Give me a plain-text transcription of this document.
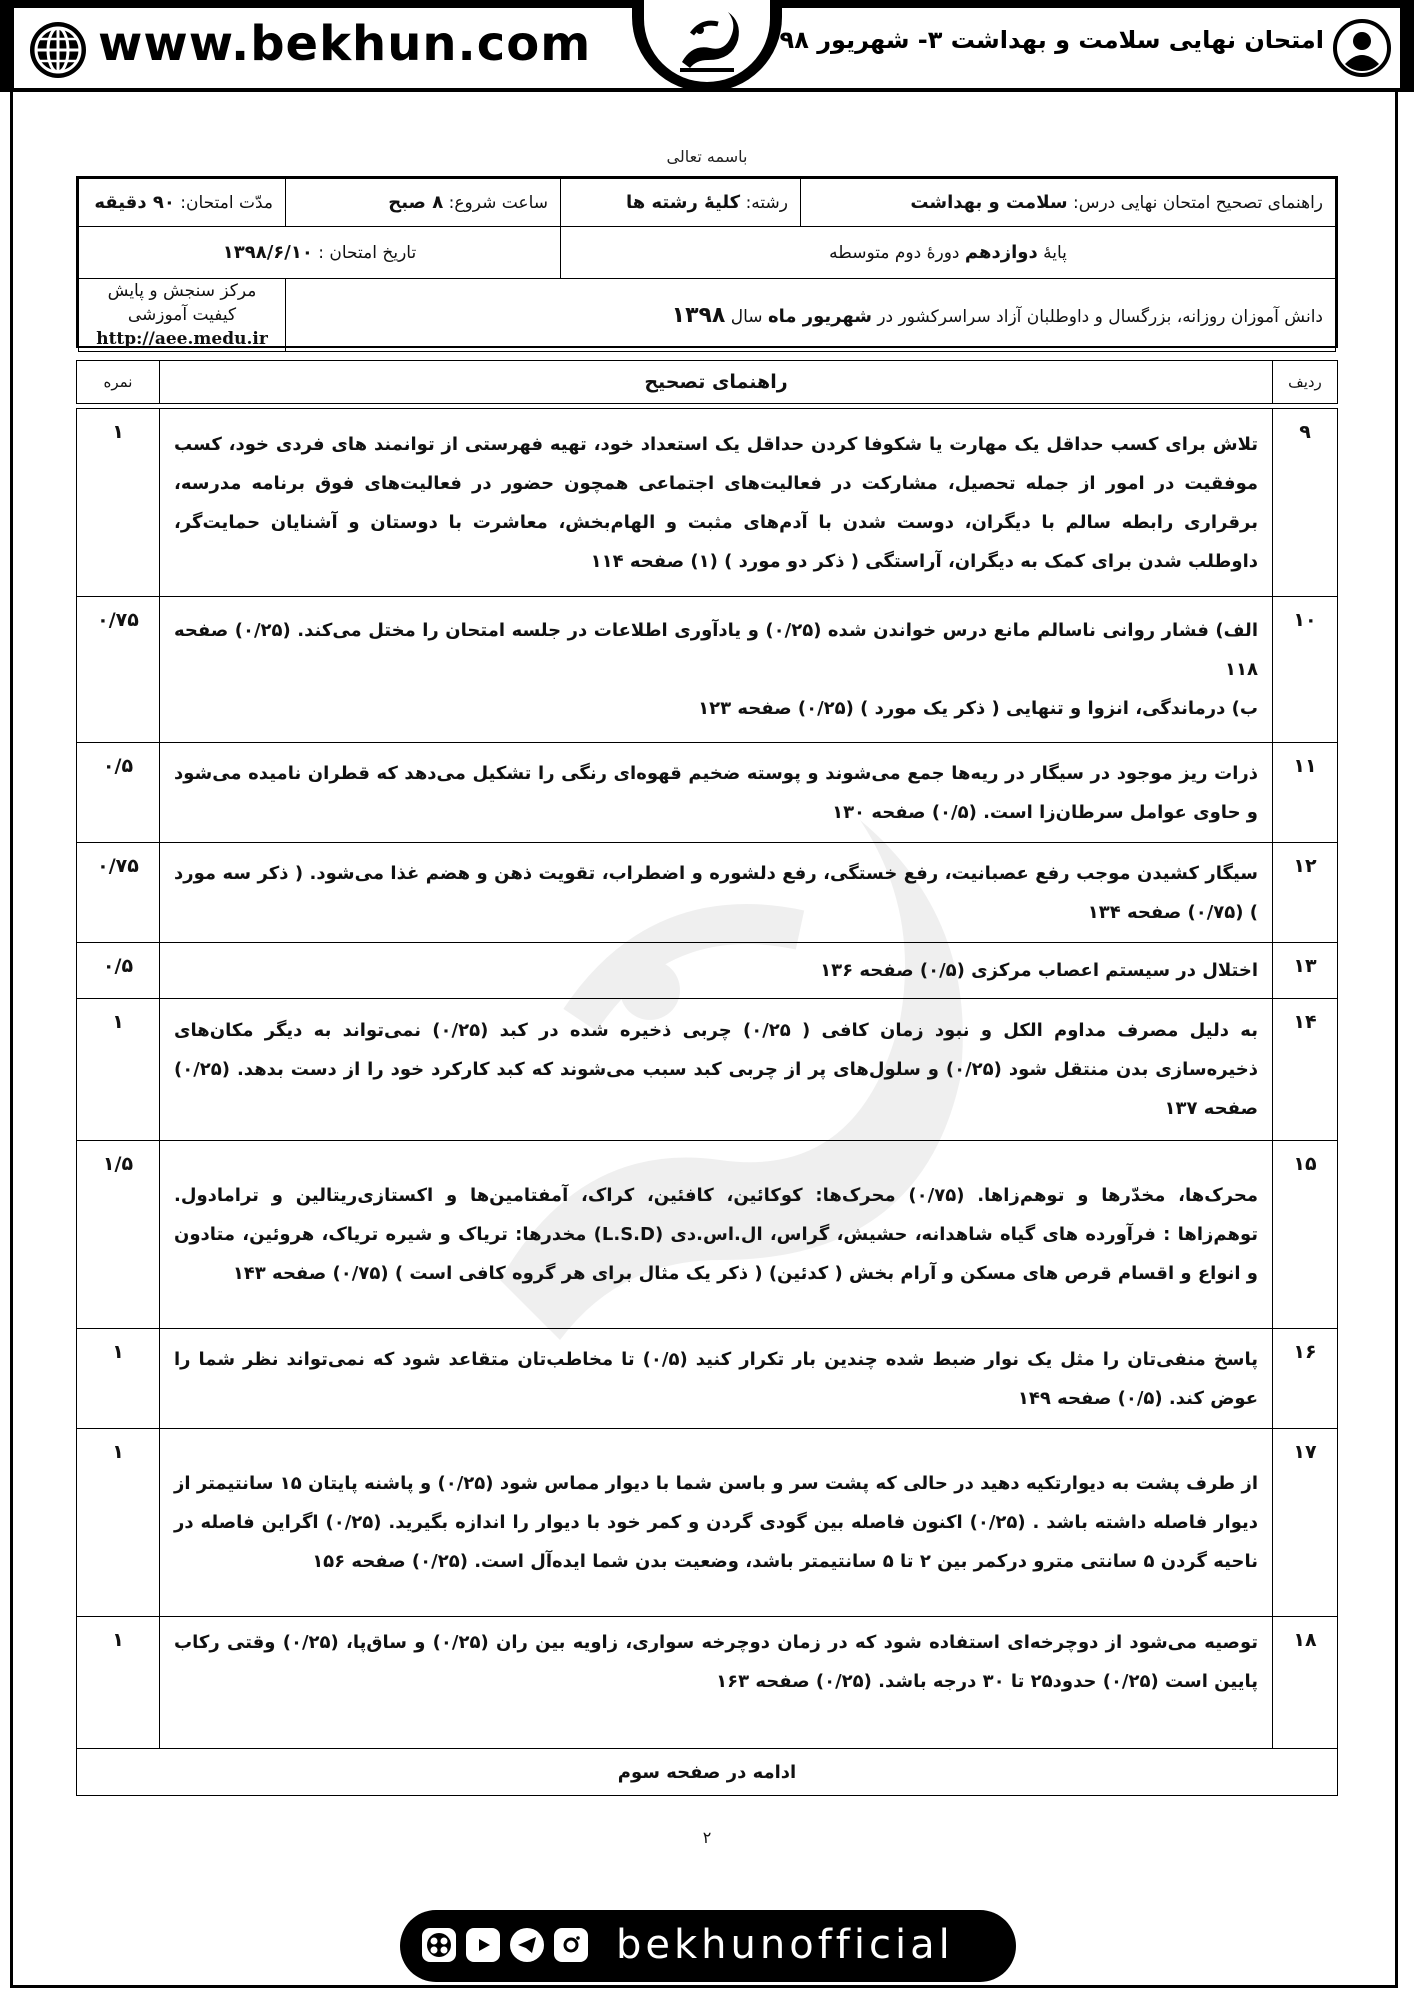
www.bekhun.com	امتحان نهایی سلامت و بهداشت ۳- شهریور ۹۸
باسمه تعالی
راهنمای تصحیح امتحان نهایی درس: سلامت و بهداشت	رشته: کلیهٔ رشته ها	ساعت شروع: ۸ صبح	مدّت امتحان: ۹۰ دقیقه
پایهٔ دوازدهم دورهٔ دوم متوسطه		تاریخ امتحان : ۱۳۹۸/۶/۱۰	
دانش آموزان روزانه، بزرگسال و داوطلبان آزاد سراسرکشور در شهریور ماه سال ۱۳۹۸			مرکز سنجش و پایش کیفیت آموزشی
http://aee.medu.ir
ردیف	راهنمای تصحیح	نمره
۹	تلاش برای کسب حداقل یک مهارت یا شکوفا کردن حداقل یک استعداد خود، تهیه فهرستی از توانمند های فردی خود، کسب موفقیت در امور از جمله تحصیل، مشارکت در فعالیت‌های اجتماعی همچون حضور در فعالیت‌های فوق برنامه مدرسه، برقراری رابطه سالم با دیگران، دوست شدن با آدم‌های مثبت و الهام‌بخش، معاشرت با دوستان و آشنایان حمایت‌گر، داوطلب شدن برای کمک به دیگران، آراستگی ( ذکر دو مورد ) (۱) صفحه ۱۱۴	۱
۱۰	الف) فشار روانی ناسالم مانع درس خواندن شده (۰/۲۵) و یادآوری اطلاعات در جلسه امتحان را مختل می‌کند. (۰/۲۵) صفحه ۱۱۸
ب) درماندگی، انزوا و تنهایی ( ذکر یک مورد ) (۰/۲۵) صفحه ۱۲۳	۰/۷۵
۱۱	ذرات ریز موجود در سیگار در ریه‌ها جمع می‌شوند و پوسته ضخیم قهوه‌ای رنگی را تشکیل می‌دهد که قطران نامیده می‌شود و حاوی عوامل سرطان‌زا است. (۰/۵) صفحه ۱۳۰	۰/۵
۱۲	سیگار کشیدن موجب رفع عصبانیت، رفع خستگی، رفع دلشوره و اضطراب، تقویت ذهن و هضم غذا می‌شود. ( ذکر سه مورد ) (۰/۷۵) صفحه ۱۳۴	۰/۷۵
۱۳	اختلال در سیستم اعصاب مرکزی (۰/۵) صفحه ۱۳۶	۰/۵
۱۴	به دلیل مصرف مداوم الکل و نبود زمان کافی ( ۰/۲۵) چربی ذخیره شده در کبد (۰/۲۵) نمی‌تواند به دیگر مکان‌های ذخیره‌سازی بدن منتقل شود (۰/۲۵) و سلول‌های پر از چربی کبد سبب می‌شوند که کبد کارکرد خود را از دست بدهد. (۰/۲۵) صفحه ۱۳۷	۱
۱۵	محرک‌ها، مخدّرها و توهم‌زاها. (۰/۷۵) محرک‌ها: کوکائین، کافئین، کراک، آمفتامین‌ها و اکستازی‌ریتالین و ترامادول. توهم‌زاها : فرآورده های گیاه شاهدانه، حشیش، گراس، ال.اس.دی (L.S.D) مخدرها: تریاک و شیره تریاک، هروئین، متادون و انواع و اقسام قرص های مسکن و آرام بخش ( کدئین) ( ذکر یک مثال برای هر گروه کافی است ) (۰/۷۵) صفحه ۱۴۳	۱/۵
۱۶	پاسخ منفی‌تان را مثل یک نوار ضبط شده چندین بار تکرار کنید (۰/۵) تا مخاطب‌تان متقاعد شود که نمی‌تواند نظر شما را عوض کند. (۰/۵) صفحه ۱۴۹	۱
۱۷	از طرف پشت به دیوارتکیه دهید در حالی که پشت سر و باسن شما با دیوار مماس شود (۰/۲۵) و پاشنه پایتان ۱۵ سانتیمتر از دیوار فاصله داشته باشد . (۰/۲۵) اکنون فاصله بین گودی گردن و کمر خود با دیوار را اندازه بگیرید. (۰/۲۵) اگراین فاصله در ناحیه گردن ۵ سانتی مترو درکمر بین ۲ تا ۵ سانتیمتر باشد، وضعیت بدن شما ایده‌آل است. (۰/۲۵) صفحه ۱۵۶	۱
۱۸	توصیه می‌شود از دوچرخه‌ای استفاده شود که در زمان دوچرخه سواری، زاویه بین ران (۰/۲۵) و ساق‌پا، (۰/۲۵) وقتی رکاب پایین است (۰/۲۵) حدود۲۵ تا ۳۰ درجه باشد. (۰/۲۵) صفحه ۱۶۳	۱
ادامه در صفحه سوم		
۲
bekhunofficial
